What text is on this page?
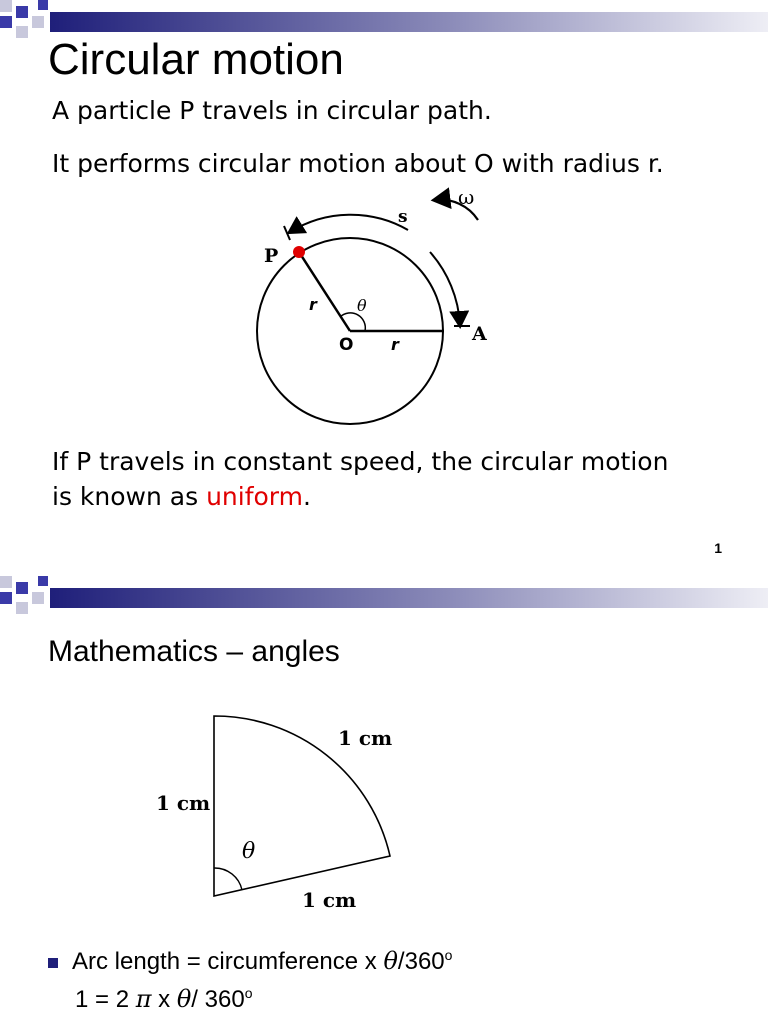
Circular motion
A particle P travels in circular path.
It performs circular motion about O with radius r.
P
O	A
r
r
θ
s
ω
If P travels in constant speed, the circular motion
is known as uniform.
1
Mathematics – angles
1 cm
1 cm
1 cm
θ
Arc length = circumference x θ/360$^o$
1 = 2 π x θ/ 360$^o$
